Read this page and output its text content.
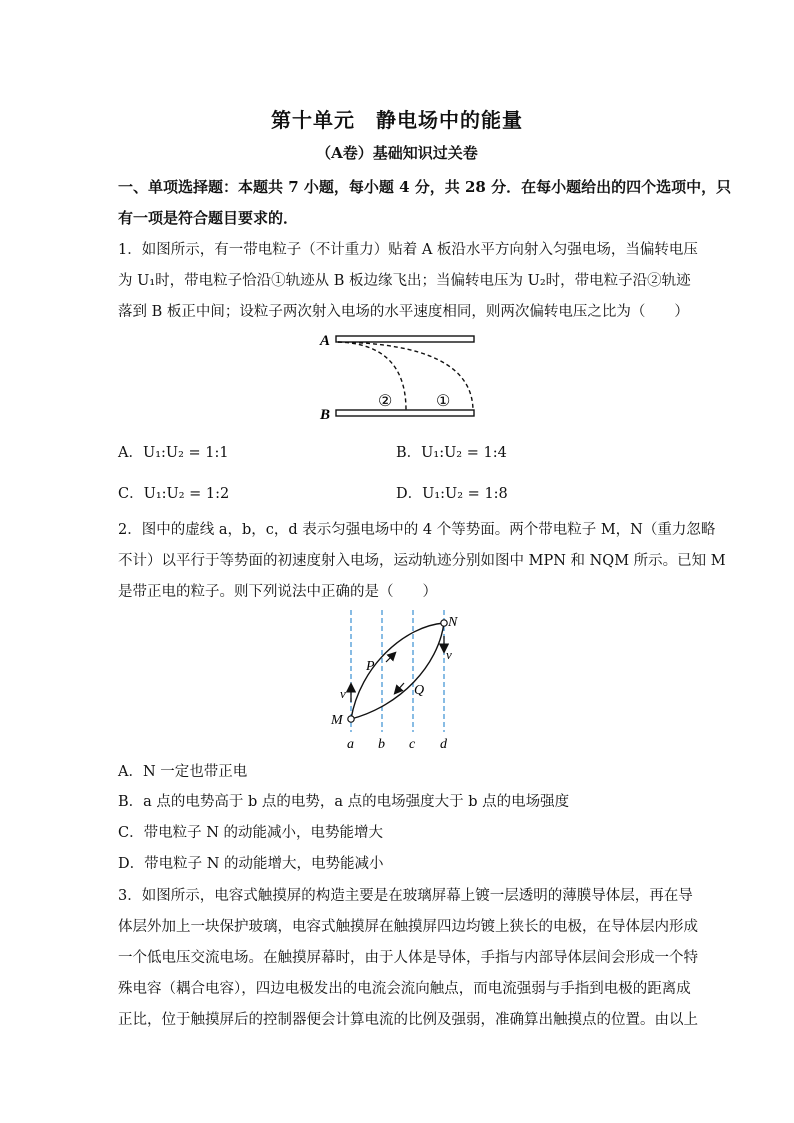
第十单元　静电场中的能量
（A卷）基础知识过关卷
一、单项选择题：本题共 7 小题，每小题 4 分，共 28 分．在每小题给出的四个选项中，只
有一项是符合题目要求的．
1．如图所示，有一带电粒子（不计重力）贴着 A 板沿水平方向射入匀强电场，当偏转电压
为 U₁时，带电粒子恰沿①轨迹从 B 板边缘飞出；当偏转电压为 U₂时，带电粒子沿②轨迹
落到 B 板正中间；设粒子两次射入电场的水平速度相同，则两次偏转电压之比为（　　）
A
B
②	①
A．U₁:U₂ = 1:1	B．U₁:U₂ = 1:4
C．U₁:U₂ = 1:2	D．U₁:U₂ = 1:8
2．图中的虚线 a，b，c，d 表示匀强电场中的 4 个等势面。两个带电粒子 M，N（重力忽略
不计）以平行于等势面的初速度射入电场，运动轨迹分别如图中 MPN 和 NQM 所示。已知 M
是带正电的粒子。则下列说法中正确的是（　　）
a b c d
M
N
P
Q
v
v
A．N 一定也带正电
B．a 点的电势高于 b 点的电势，a 点的电场强度大于 b 点的电场强度
C．带电粒子 N 的动能减小，电势能增大
D．带电粒子 N 的动能增大，电势能减小
3．如图所示，电容式触摸屏的构造主要是在玻璃屏幕上镀一层透明的薄膜导体层，再在导
体层外加上一块保护玻璃，电容式触摸屏在触摸屏四边均镀上狭长的电极，在导体层内形成
一个低电压交流电场。在触摸屏幕时，由于人体是导体，手指与内部导体层间会形成一个特
殊电容（耦合电容），四边电极发出的电流会流向触点，而电流强弱与手指到电极的距离成
正比，位于触摸屏后的控制器便会计算电流的比例及强弱，准确算出触摸点的位置。由以上
